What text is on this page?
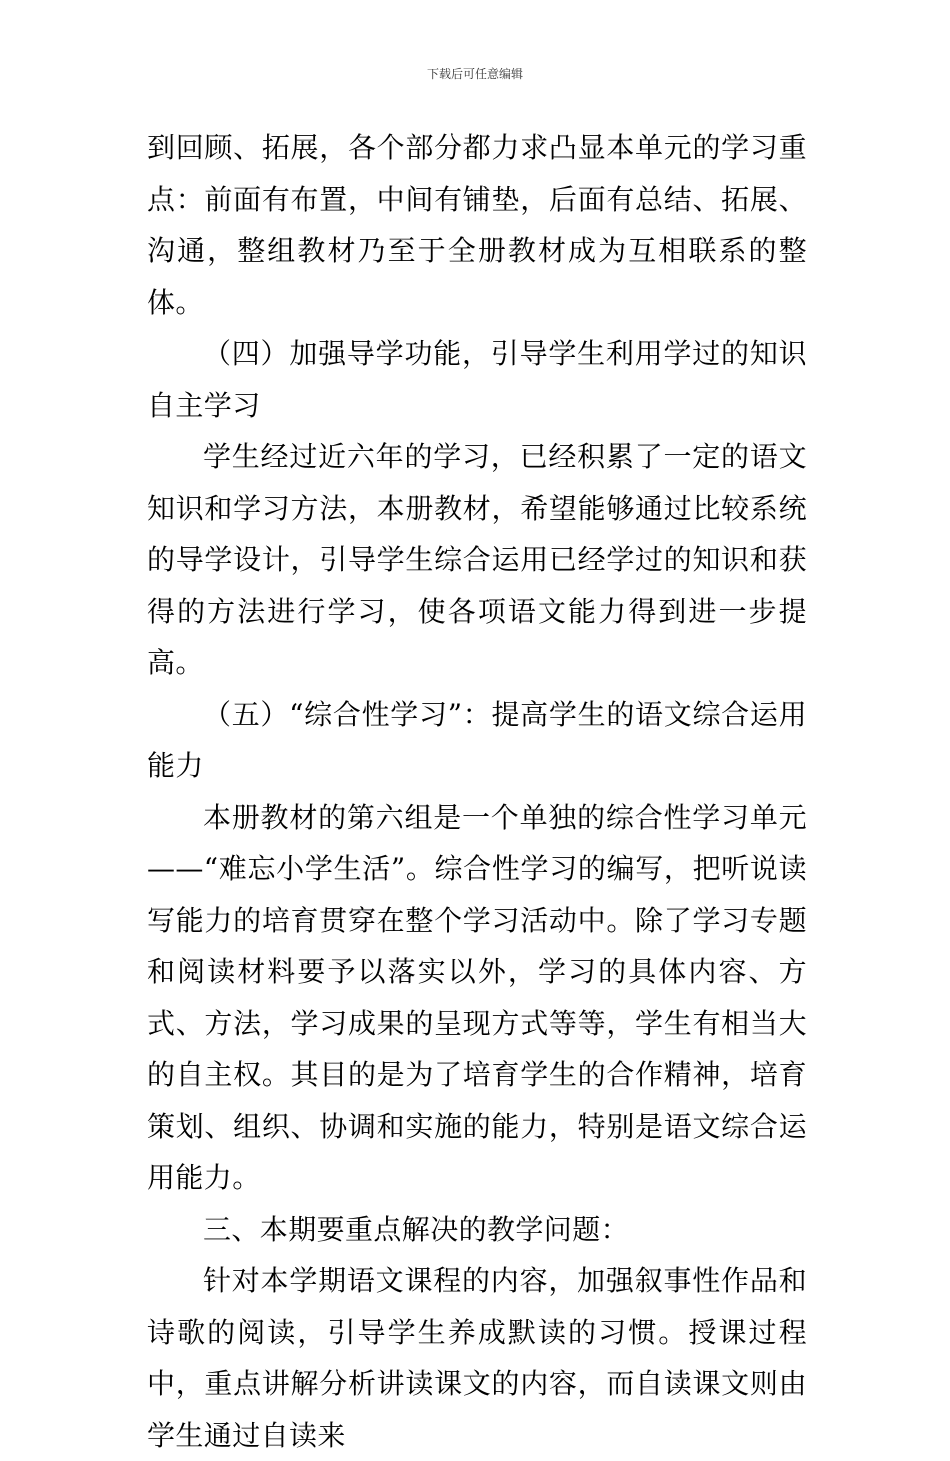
下载后可任意编辑

到回顾、拓展，各个部分都力求凸显本单元的学习重点：前面有布置，中间有铺垫，后面有总结、拓展、沟通，整组教材乃至于全册教材成为互相联系的整体。

（四）加强导学功能，引导学生利用学过的知识自主学习

学生经过近六年的学习，已经积累了一定的语文知识和学习方法，本册教材，希望能够通过比较系统的导学设计，引导学生综合运用已经学过的知识和获得的方法进行学习，使各项语文能力得到进一步提高。

（五）“综合性学习”：提高学生的语文综合运用能力

本册教材的第六组是一个单独的综合性学习单元——“难忘小学生活”。综合性学习的编写，把听说读写能力的培育贯穿在整个学习活动中。除了学习专题和阅读材料要予以落实以外，学习的具体内容、方式、方法，学习成果的呈现方式等等，学生有相当大的自主权。其目的是为了培育学生的合作精神，培育策划、组织、协调和实施的能力，特别是语文综合运用能力。

三、本期要重点解决的教学问题：

针对本学期语文课程的内容，加强叙事性作品和诗歌的阅读，引导学生养成默读的习惯。授课过程中，重点讲解分析讲读课文的内容，而自读课文则由学生通过自读来
